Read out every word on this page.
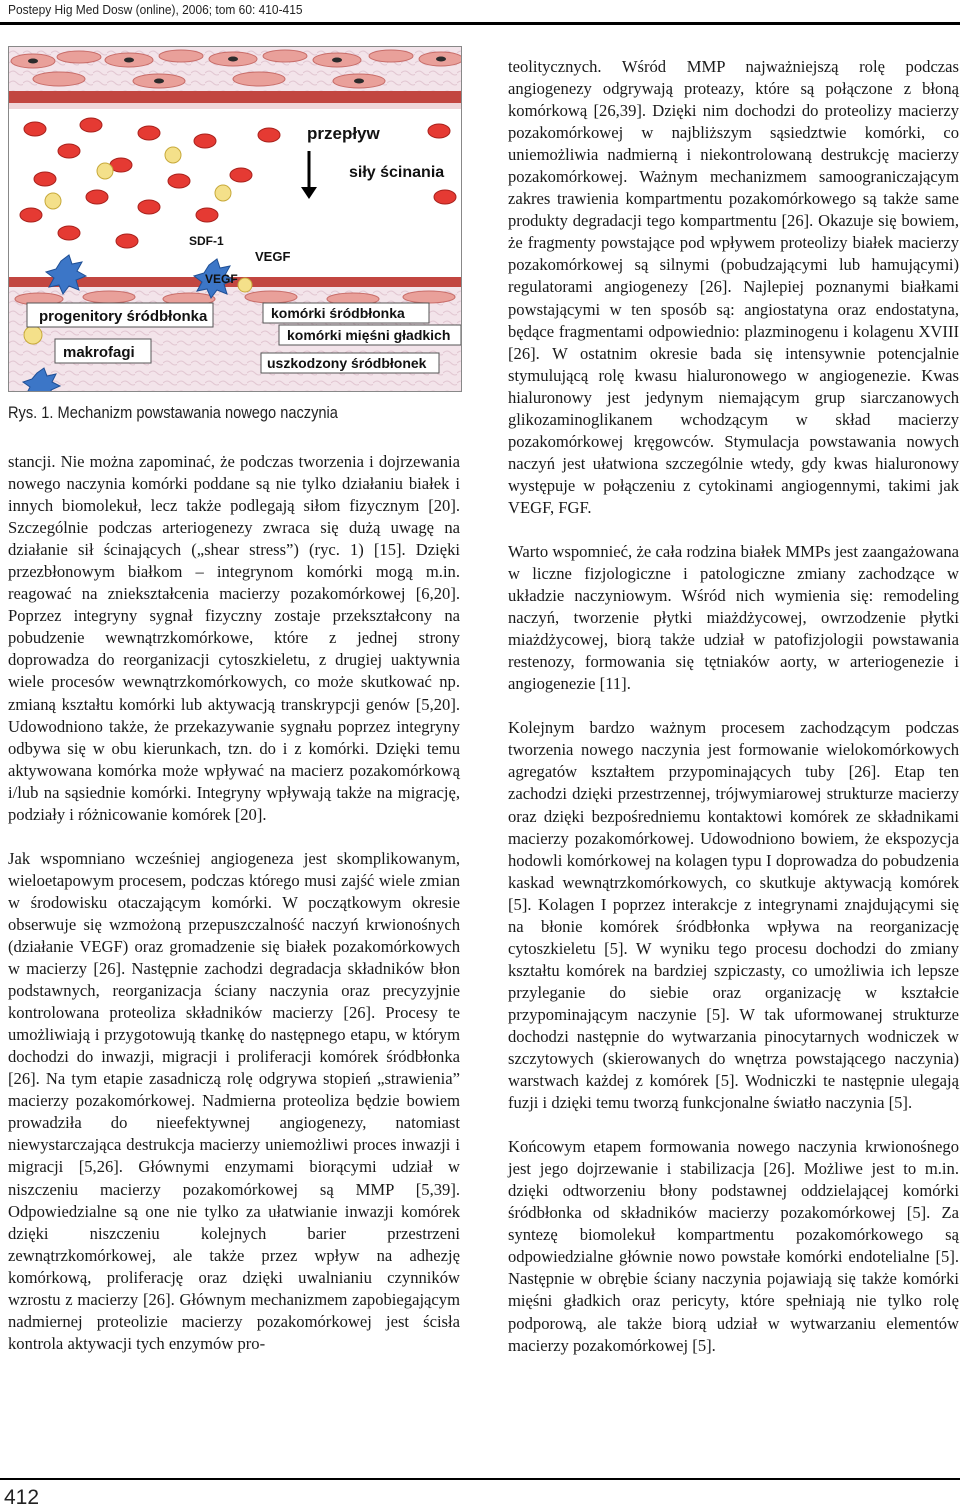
Postepy Hig Med Dosw (online), 2006; tom 60: 410-415
przepływ
siły ścinania
SDF-1
VEGF
VEGF
progenitory śródbłonka
makrofagi
komórki śródbłonka
komórki mięśni gładkich
uszkodzony śródbłonek
Rys. 1. Mechanizm powstawania nowego naczynia

stancji. Nie można zapominać, że podczas tworzenia i dojrzewania nowego naczynia komórki poddane są nie tylko działaniu białek i innych biomolekuł, lecz także podlegają siłom fizycznym [20]. Szczególnie podczas arteriogenezy zwraca się dużą uwagę na działanie sił ścinających („shear stress”) (ryc. 1) [15]. Dzięki przezbłonowym białkom – integrynom komórki mogą m.in. reagować na zniekształcenia macierzy pozakomórkowej [6,20]. Poprzez integryny sygnał fizyczny zostaje przekształcony na pobudzenie wewnątrzkomórkowe, które z jednej strony doprowadza do reorganizacji cytoszkieletu, z drugiej uaktywnia wiele procesów wewnątrzkomórkowych, co może skutkować np. zmianą kształtu komórki lub aktywacją transkrypcji genów [5,20]. Udowodniono także, że przekazywanie sygnału poprzez integryny odbywa się w obu kierunkach, tzn. do i z komórki. Dzięki temu aktywowana komórka może wpływać na macierz pozakomórkową i/lub na sąsiednie komórki. Integryny wpływają także na migrację, podziały i różnicowanie komórek [20].

Jak wspomniano wcześniej angiogeneza jest skomplikowanym, wieloetapowym procesem, podczas którego musi zajść wiele zmian w środowisku otaczającym komórki. W początkowym okresie obserwuje się wzmożoną przepuszczalność naczyń krwionośnych (działanie VEGF) oraz gromadzenie się białek pozakomórkowych w macierzy [26]. Następnie zachodzi degradacja składników błon podstawnych, reorganizacja ściany naczynia oraz precyzyjnie kontrolowana proteoliza składników macierzy [26]. Procesy te umożliwiają i przygotowują tkankę do następnego etapu, w którym dochodzi do inwazji, migracji i proliferacji komórek śródbłonka [26]. Na tym etapie zasadniczą rolę odgrywa stopień „strawienia” macierzy pozakomórkowej. Nadmierna proteoliza będzie bowiem prowadziła do nieefektywnej angiogenezy, natomiast niewystarczająca destrukcja macierzy uniemożliwi proces inwazji i migracji [5,26]. Głównymi enzymami biorącymi udział w niszczeniu macierzy pozakomórkowej są MMP [5,39]. Odpowiedzialne są one nie tylko za ułatwianie inwazji komórek dzięki niszczeniu kolejnych barier przestrzeni zewnątrzkomórkowej, ale także przez wpływ na adhezję komórkową, proliferację oraz dzięki uwalnianiu czynników wzrostu z macierzy [26]. Głównym mechanizmem zapobiegającym nadmiernej proteolizie macierzy pozakomórkowej jest ścisła kontrola aktywacji tych enzymów pro-

teolitycznych. Wśród MMP najważniejszą rolę podczas angiogenezy odgrywają proteazy, które są połączone z błoną komórkową [26,39]. Dzięki nim dochodzi do proteolizy macierzy pozakomórkowej w najbliższym sąsiedztwie komórki, co uniemożliwia nadmierną i niekontrolowaną destrukcję macierzy pozakomórkowej. Ważnym mechanizmem samoograniczającym zakres trawienia kompartmentu pozakomórkowego są także same produkty degradacji tego kompartmentu [26]. Okazuje się bowiem, że fragmenty powstające pod wpływem proteolizy białek macierzy pozakomórkowej są silnymi (pobudzającymi lub hamującymi) regulatorami angiogenezy [26]. Najlepiej poznanymi białkami powstającymi w ten sposób są: angiostatyna oraz endostatyna, będące fragmentami odpowiednio: plazminogenu i kolagenu XVIII [26]. W ostatnim okresie bada się intensywnie potencjalnie stymulującą rolę kwasu hialuronowego w angiogenezie. Kwas hialuronowy jest jedynym niemającym grup siarczanowych glikozaminoglikanem wchodzącym w skład macierzy pozakomórkowej kręgowców. Stymulacja powstawania nowych naczyń jest ułatwiona szczególnie wtedy, gdy kwas hialuronowy występuje w połączeniu z cytokinami angiogennymi, takimi jak VEGF, FGF.

Warto wspomnieć, że cała rodzina białek MMPs jest zaangażowana w liczne fizjologiczne i patologiczne zmiany zachodzące w układzie naczyniowym. Wśród nich wymienia się: remodeling naczyń, tworzenie płytki miażdżycowej, owrzodzenie płytki miażdżycowej, biorą także udział w patofizjologii powstawania restenozy, formowania się tętniaków aorty, w arteriogenezie i angiogenezie [11].

Kolejnym bardzo ważnym procesem zachodzącym podczas tworzenia nowego naczynia jest formowanie wielokomórkowych agregatów kształtem przypominających tuby [26]. Etap ten zachodzi dzięki przestrzennej, trójwymiarowej strukturze macierzy oraz dzięki bezpośredniemu kontaktowi komórek ze składnikami macierzy pozakomórkowej. Udowodniono bowiem, że ekspozycja hodowli komórkowej na kolagen typu I doprowadza do pobudzenia kaskad wewnątrzkomórkowych, co skutkuje aktywacją komórek [5]. Kolagen I poprzez interakcje z integrynami znajdującymi się na błonie komórek śródbłonka wpływa na reorganizację cytoszkieletu [5]. W wyniku tego procesu dochodzi do zmiany kształtu komórek na bardziej szpiczasty, co umożliwia ich lepsze przyleganie do siebie oraz organizację w kształcie przypominającym naczynie [5]. W tak uformowanej strukturze dochodzi następnie do wytwarzania pinocytarnych wodniczek w szczytowych (skierowanych do wnętrza powstającego naczynia) warstwach każdej z komórek [5]. Wodniczki te następnie ulegają fuzji i dzięki temu tworzą funkcjonalne światło naczynia [5].

Końcowym etapem formowania nowego naczynia krwionośnego jest jego dojrzewanie i stabilizacja [26]. Możliwe jest to m.in. dzięki odtworzeniu błony podstawnej oddzielającej komórki śródbłonka od składników macierzy pozakomórkowej [5]. Za syntezę biomolekuł kompartmentu pozakomórkowego są odpowiedzialne głównie nowo powstałe komórki endotelialne [5]. Następnie w obrębie ściany naczynia pojawiają się także komórki mięśni gładkich oraz pericyty, które spełniają nie tylko rolę podporową, ale także biorą udział w wytwarzaniu elementów macierzy pozakomórkowej [5].

412
